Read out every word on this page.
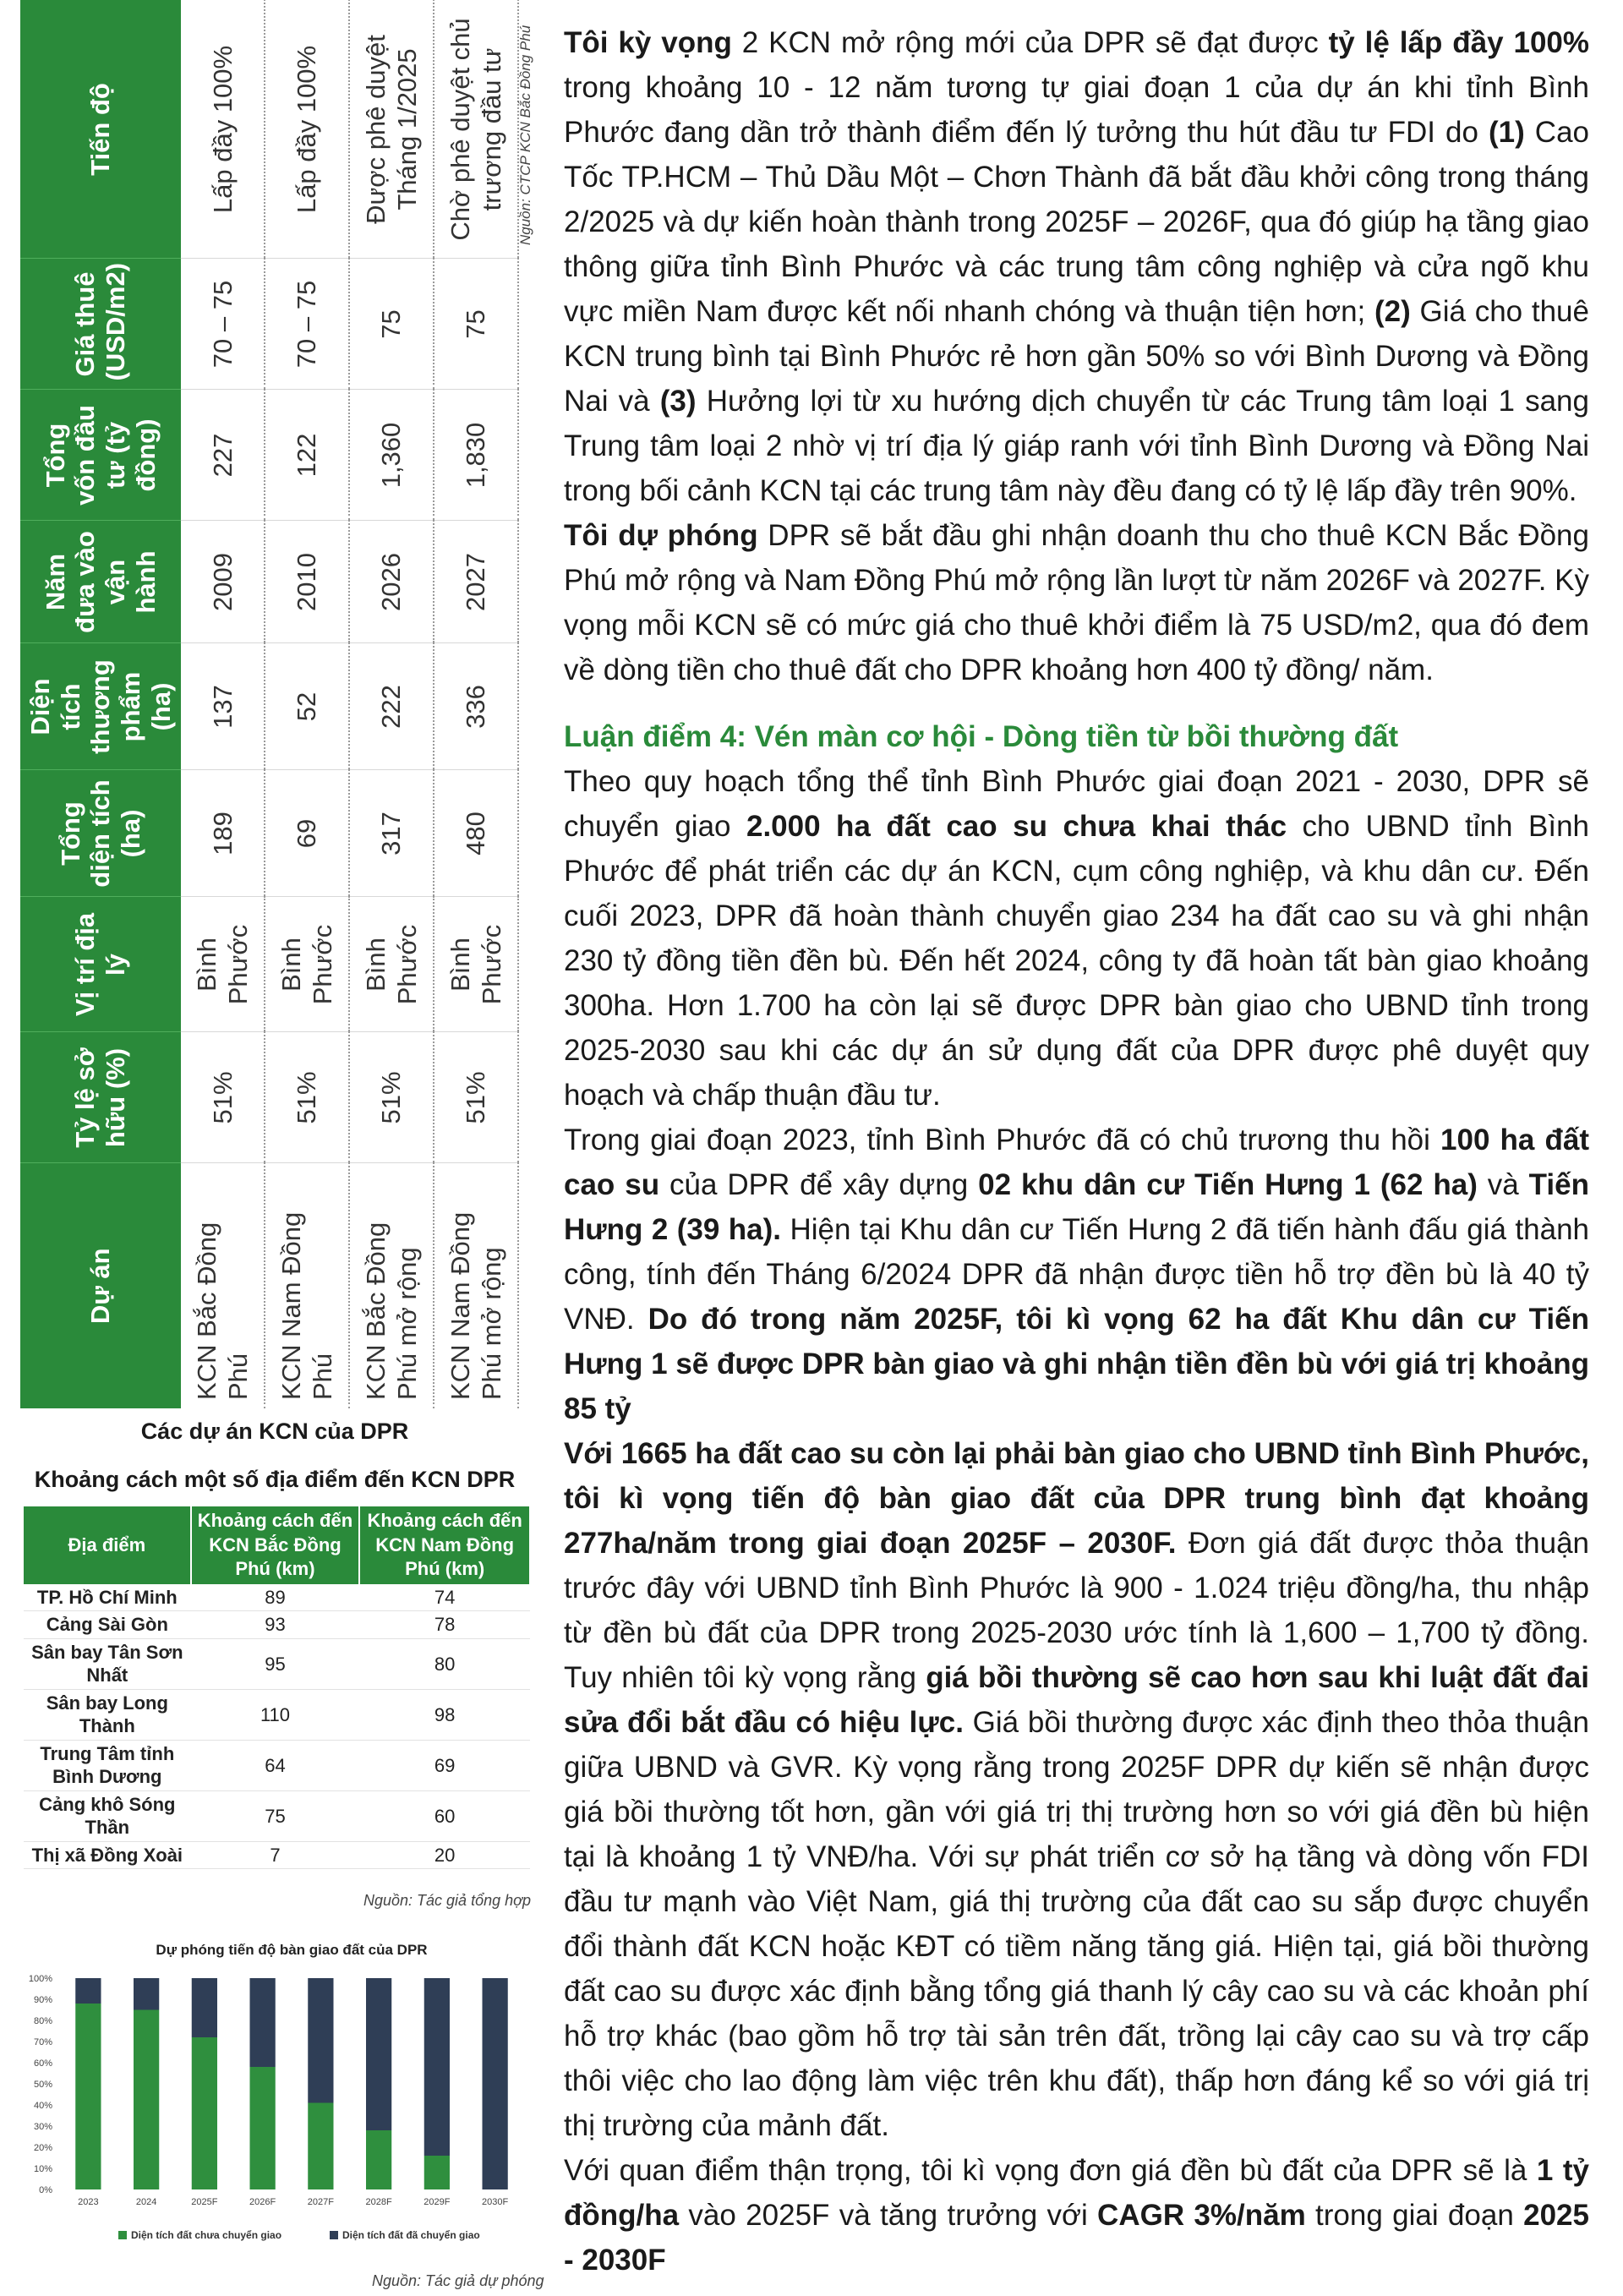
Dự án	Tỷ lệ sở hữu (%)	Vị trí địa lý	Tổng diện tích (ha)	Diện tích thương phẩm (ha)	Năm đưa vào vận hành	Tổng vốn đầu tư (tỷ đồng)	Giá thuê (USD/m2)	Tiến độ
KCN Bắc Đồng Phú	51%	Bình Phước	189	137	2009	227	70 – 75	Lấp đầy 100%
KCN Nam Đồng Phú	51%	Bình Phước	69	52	2010	122	70 – 75	Lấp đầy 100%
KCN Bắc Đồng Phú mở rộng	51%	Bình Phước	317	222	2026	1,360	75	Được phê duyệt Tháng 1/2025
KCN Nam Đồng Phú mở rộng	51%	Bình Phước	480	336	2027	1,830	75	Chờ phê duyệt chủ trương đầu tư Nguồn: CTCP KCN Bắc Đồng Phú
Các dự án KCN của DPR
Khoảng cách một số địa điểm đến KCN DPR
Địa điểm	Khoảng cách đến KCN Bắc Đồng Phú (km)	Khoảng cách đến KCN Nam Đồng Phú (km)
TP. Hồ Chí Minh	89	74
Cảng Sài Gòn	93	78
Sân bay Tân Sơn Nhất	95	80
Sân bay Long Thành	110	98
Trung Tâm tỉnh Bình Dương	64	69
Cảng khô Sóng Thần	75	60
Thị xã Đồng Xoài	7	20
Nguồn: Tác giả tổng hợp
Dự phóng tiến độ bàn giao đất của DPR
0%
10%
20%
30%
40%
50%
60%
70%
80%
90%
100%
2023	2024	2025F	2026F	2027F	2028F	2029F	2030F
Diện tích đất chưa chuyển giao	Diện tích đất đã chuyển giao
Nguồn: Tác giả dự phóng

Tôi kỳ vọng 2 KCN mở rộng mới của DPR sẽ đạt được tỷ lệ lấp đầy 100% trong khoảng 10 - 12 năm tương tự giai đoạn 1 của dự án khi tỉnh Bình Phước đang dần trở thành điểm đến lý tưởng thu hút đầu tư FDI do (1) Cao Tốc TP.HCM – Thủ Dầu Một – Chơn Thành đã bắt đầu khởi công trong tháng 2/2025 và dự kiến hoàn thành trong 2025F – 2026F, qua đó giúp hạ tầng giao thông giữa tỉnh Bình Phước và các trung tâm công nghiệp và cửa ngõ khu vực miền Nam được kết nối nhanh chóng và thuận tiện hơn; (2) Giá cho thuê KCN trung bình tại Bình Phước rẻ hơn gần 50% so với Bình Dương và Đồng Nai và (3) Hưởng lợi từ xu hướng dịch chuyển từ các Trung tâm loại 1 sang Trung tâm loại 2 nhờ vị trí địa lý giáp ranh với tỉnh Bình Dương và Đồng Nai trong bối cảnh KCN tại các trung tâm này đều đang có tỷ lệ lấp đầy trên 90%.

Tôi dự phóng DPR sẽ bắt đầu ghi nhận doanh thu cho thuê KCN Bắc Đồng Phú mở rộng và Nam Đồng Phú mở rộng lần lượt từ năm 2026F và 2027F. Kỳ vọng mỗi KCN sẽ có mức giá cho thuê khởi điểm là 75 USD/m2, qua đó đem về dòng tiền cho thuê đất cho DPR khoảng hơn 400 tỷ đồng/ năm.

Luận điểm 4: Vén màn cơ hội - Dòng tiền từ bồi thường đất

Theo quy hoạch tổng thể tỉnh Bình Phước giai đoạn 2021 - 2030, DPR sẽ chuyển giao 2.000 ha đất cao su chưa khai thác cho UBND tỉnh Bình Phước để phát triển các dự án KCN, cụm công nghiệp, và khu dân cư. Đến cuối 2023, DPR đã hoàn thành chuyển giao 234 ha đất cao su và ghi nhận 230 tỷ đồng tiền đền bù. Đến hết 2024, công ty đã hoàn tất bàn giao khoảng 300ha. Hơn 1.700 ha còn lại sẽ được DPR bàn giao cho UBND tỉnh trong 2025-2030 sau khi các dự án sử dụng đất của DPR được phê duyệt quy hoạch và chấp thuận đầu tư.

Trong giai đoạn 2023, tỉnh Bình Phước đã có chủ trương thu hồi 100 ha đất cao su của DPR để xây dựng 02 khu dân cư Tiến Hưng 1 (62 ha) và Tiến Hưng 2 (39 ha). Hiện tại Khu dân cư Tiến Hưng 2 đã tiến hành đấu giá thành công, tính đến Tháng 6/2024 DPR đã nhận được tiền hỗ trợ đền bù là 40 tỷ VNĐ. Do đó trong năm 2025F, tôi kì vọng 62 ha đất Khu dân cư Tiến Hưng 1 sẽ được DPR bàn giao và ghi nhận tiền đền bù với giá trị khoảng 85 tỷ

Với 1665 ha đất cao su còn lại phải bàn giao cho UBND tỉnh Bình Phước, tôi kì vọng tiến độ bàn giao đất của DPR trung bình đạt khoảng 277ha/năm trong giai đoạn 2025F – 2030F. Đơn giá đất được thỏa thuận trước đây với UBND tỉnh Bình Phước là 900 - 1.024 triệu đồng/ha, thu nhập từ đền bù đất của DPR trong 2025-2030 ước tính là 1,600 – 1,700 tỷ đồng. Tuy nhiên tôi kỳ vọng rằng giá bồi thường sẽ cao hơn sau khi luật đất đai sửa đổi bắt đầu có hiệu lực. Giá bồi thường được xác định theo thỏa thuận giữa UBND và GVR. Kỳ vọng rằng trong 2025F DPR dự kiến sẽ nhận được giá bồi thường tốt hơn, gần với giá trị thị trường hơn so với giá đền bù hiện tại là khoảng 1 tỷ VNĐ/ha. Với sự phát triển cơ sở hạ tầng và dòng vốn FDI đầu tư mạnh vào Việt Nam, giá thị trường của đất cao su sắp được chuyển đổi thành đất KCN hoặc KĐT có tiềm năng tăng giá. Hiện tại, giá bồi thường đất cao su được xác định bằng tổng giá thanh lý cây cao su và các khoản phí hỗ trợ khác (bao gồm hỗ trợ tài sản trên đất, trồng lại cây cao su và trợ cấp thôi việc cho lao động làm việc trên khu đất), thấp hơn đáng kể so với giá trị thị trường của mảnh đất.

Với quan điểm thận trọng, tôi kì vọng đơn giá đền bù đất của DPR sẽ là 1 tỷ đồng/ha vào 2025F và tăng trưởng với CAGR 3%/năm trong giai đoạn 2025 - 2030F
